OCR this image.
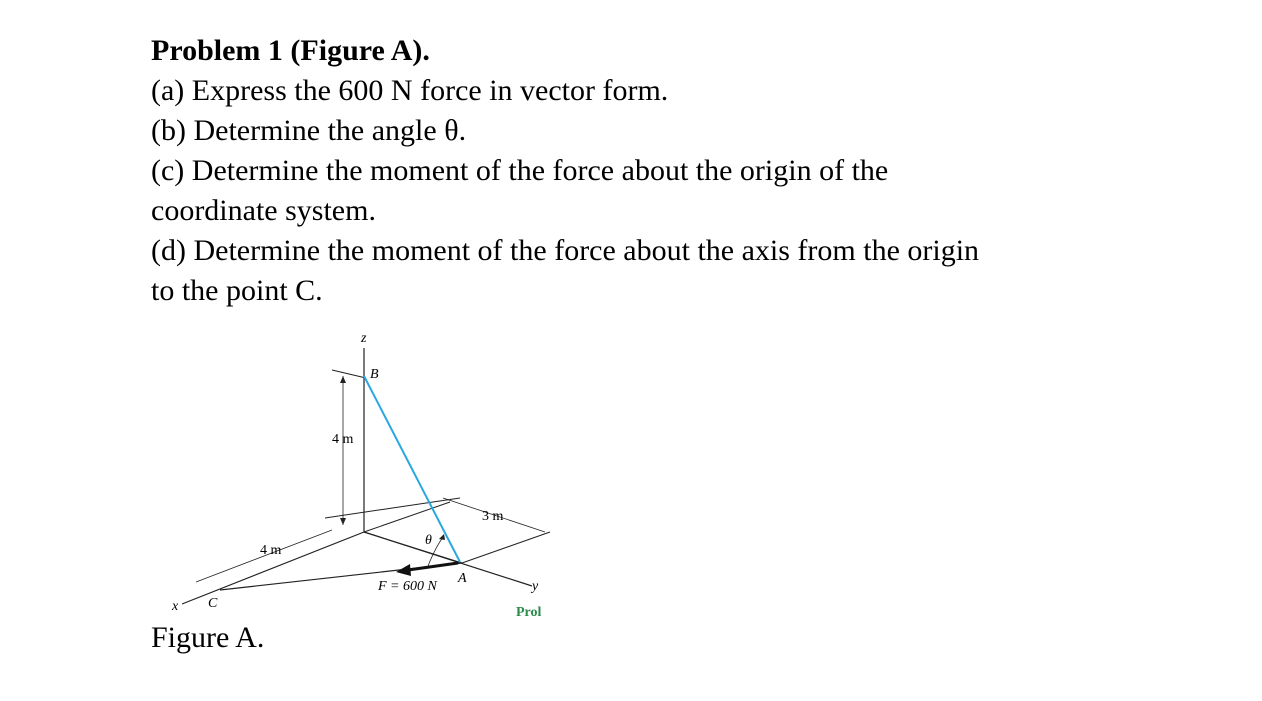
Problem 1 (Figure A).
(a) Express the 600 N force in vector form.
(b) Determine the angle θ.
(c) Determine the moment of the force about the origin of the
coordinate system.
(d) Determine the moment of the force about the axis from the origin
to the point C.
z
B
4 m
3 m
4 m
θ
F = 600 N
A
C
x
y
Prol
Figure A.
